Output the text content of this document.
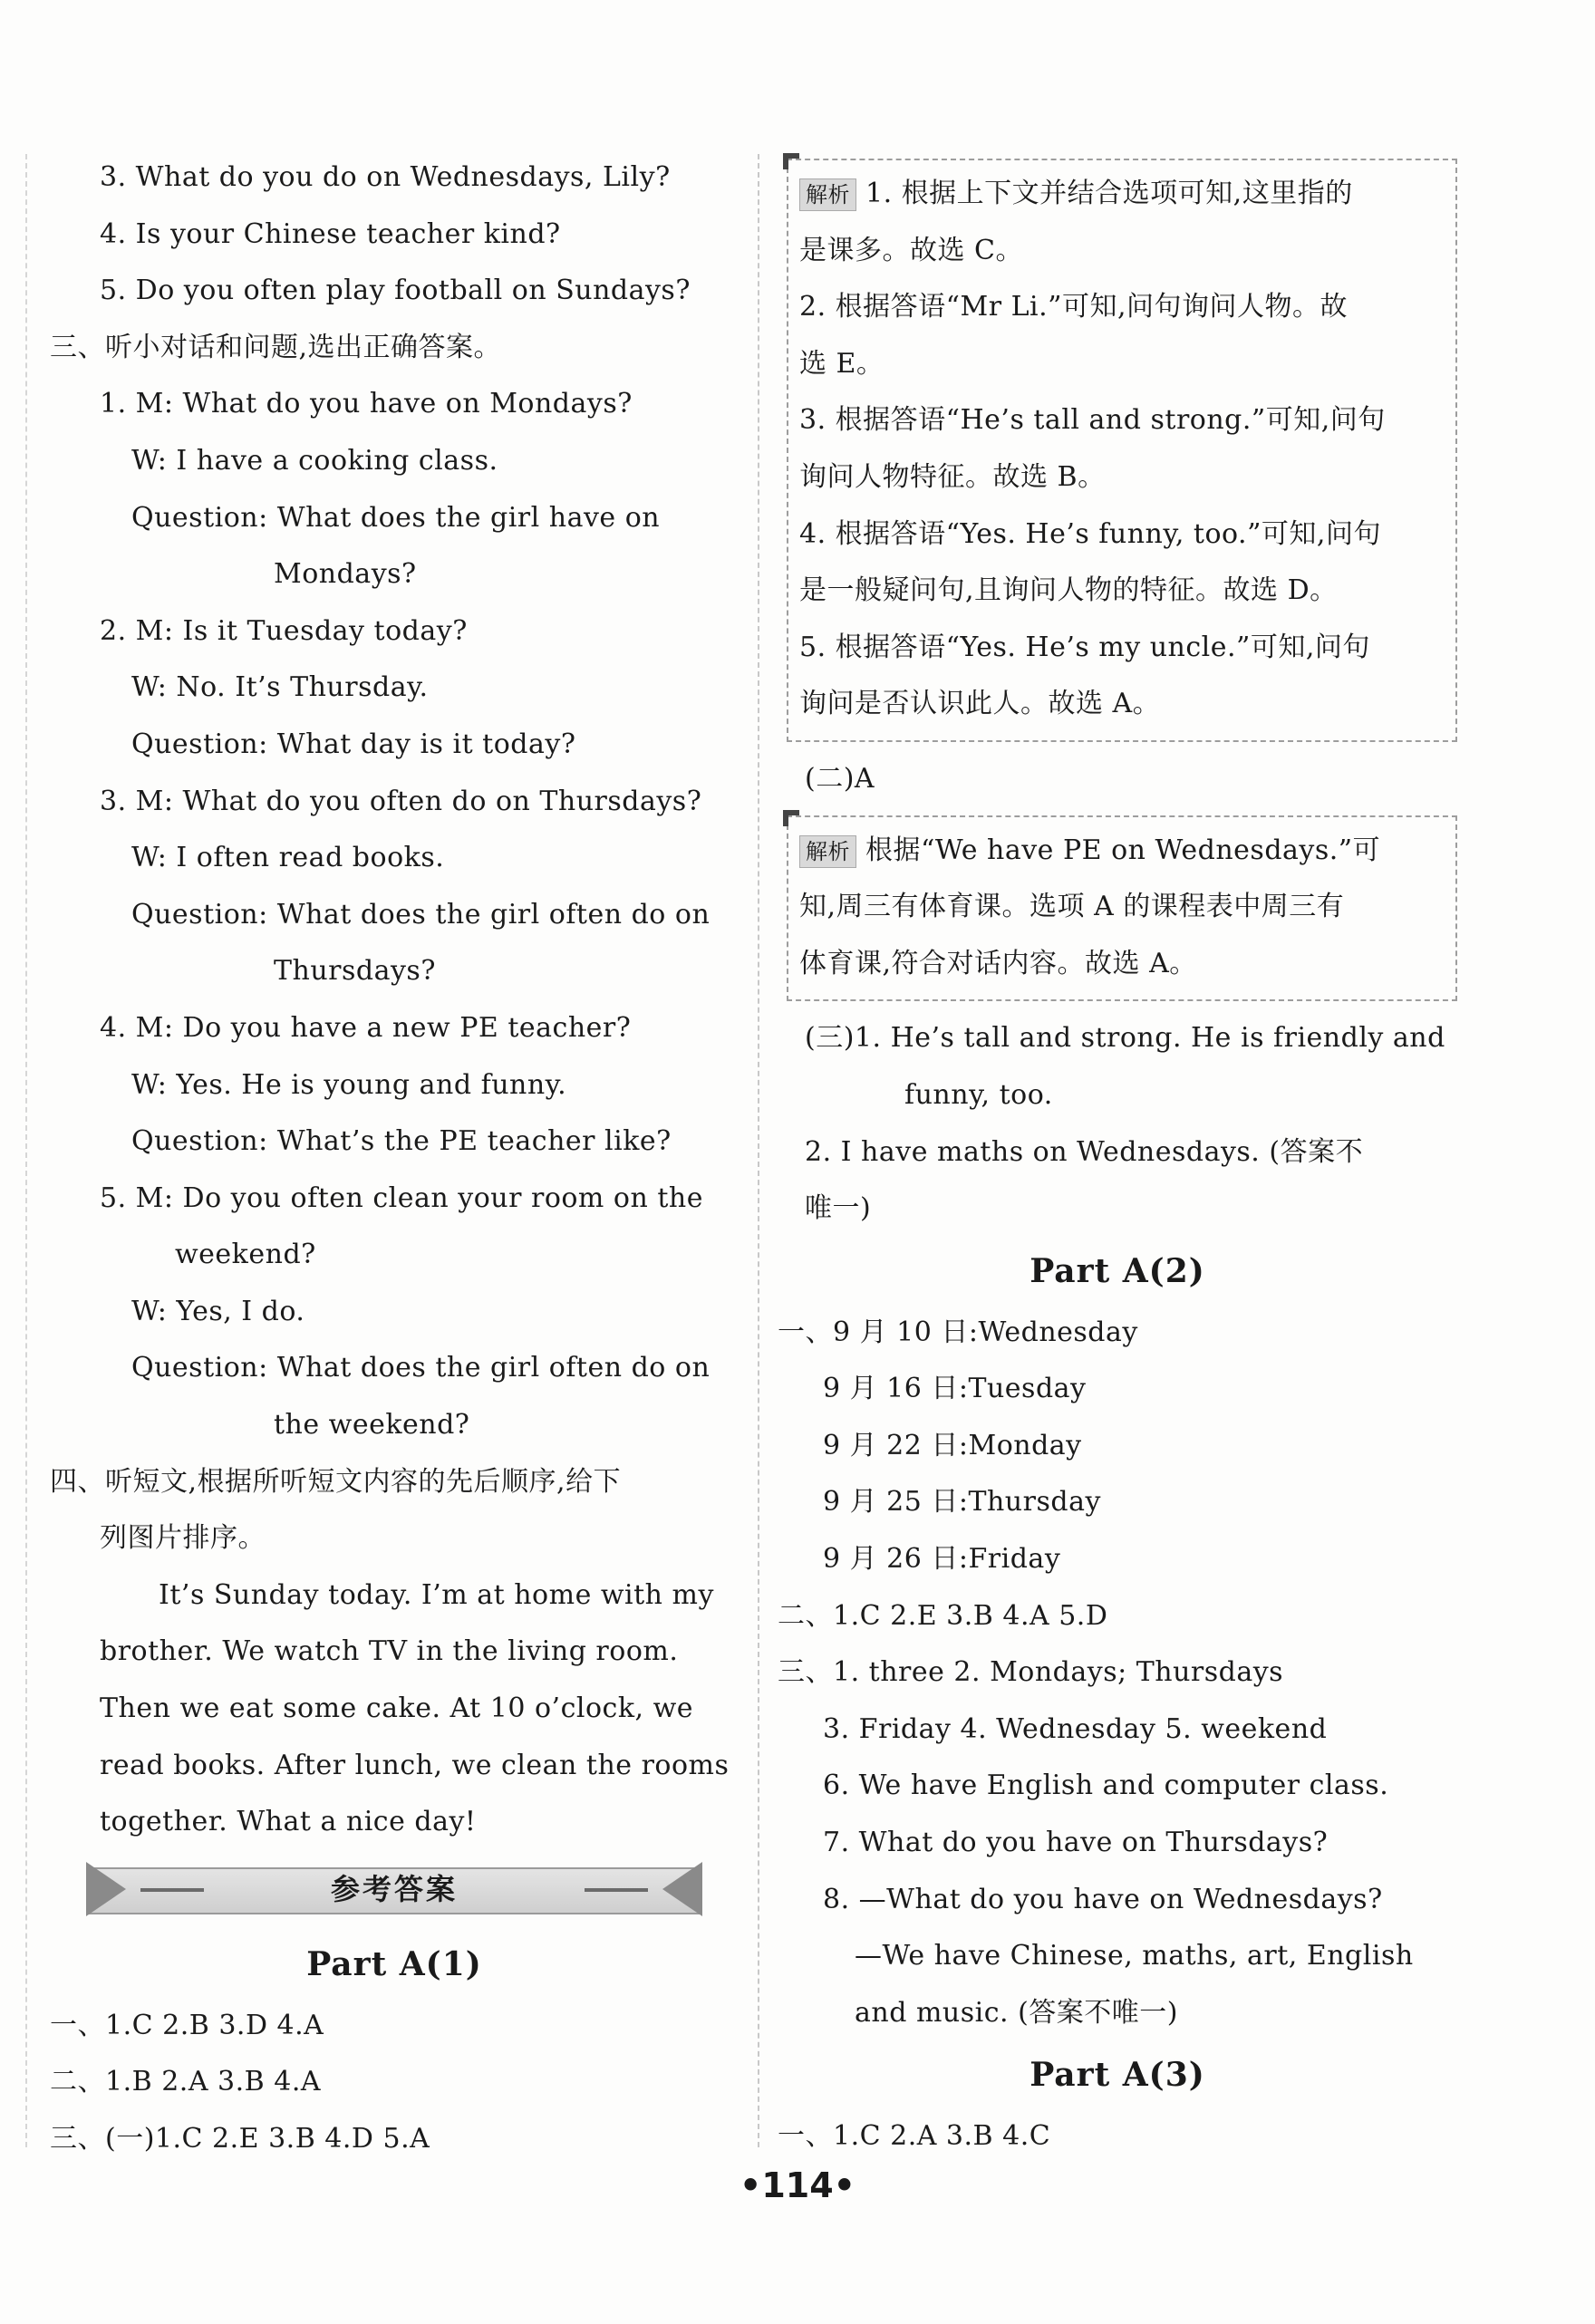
3. What do you do on Wednesdays, Lily?
4. Is your Chinese teacher kind?
5. Do you often play football on Sundays?
三、听小对话和问题,选出正确答案。
1. M: What do you have on Mondays?
W: I have a cooking class.
Question: What does the girl have on
Mondays?
2. M: Is it Tuesday today?
W: No. It’s Thursday.
Question: What day is it today?
3. M: What do you often do on Thursdays?
W: I often read books.
Question: What does the girl often do on
Thursdays?
4. M: Do you have a new PE teacher?
W: Yes. He is young and funny.
Question: What’s the PE teacher like?
5. M: Do you often clean your room on the
weekend?
W: Yes, I do.
Question: What does the girl often do on
the weekend?
四、听短文,根据所听短文内容的先后顺序,给下
列图片排序。
It’s Sunday today. I’m at home with my
brother. We watch TV in the living room.
Then we eat some cake. At 10 o’clock, we
read books. After lunch, we clean the rooms
together. What a nice day!
参考答案
Part A(1)
一、1.C 2.B 3.D 4.A
二、1.B 2.A 3.B 4.A
三、(一)1.C 2.E 3.B 4.D 5.A
解析 1. 根据上下文并结合选项可知,这里指的
是课多。故选 C。
2. 根据答语“Mr Li.”可知,问句询问人物。故
选 E。
3. 根据答语“He’s tall and strong.”可知,问句
询问人物特征。故选 B。
4. 根据答语“Yes. He’s funny, too.”可知,问句
是一般疑问句,且询问人物的特征。故选 D。
5. 根据答语“Yes. He’s my uncle.”可知,问句
询问是否认识此人。故选 A。
(二)A
解析 根据“We have PE on Wednesdays.”可
知,周三有体育课。选项 A 的课程表中周三有
体育课,符合对话内容。故选 A。
(三)1. He’s tall and strong. He is friendly and
funny, too.
2. I have maths on Wednesdays. (答案不
唯一)
Part A(2)
一、9 月 10 日:Wednesday
9 月 16 日:Tuesday
9 月 22 日:Monday
9 月 25 日:Thursday
9 月 26 日:Friday
二、1.C 2.E 3.B 4.A 5.D
三、1. three 2. Mondays; Thursdays
3. Friday 4. Wednesday 5. weekend
6. We have English and computer class.
7. What do you have on Thursdays?
8. —What do you have on Wednesdays?
—We have Chinese, maths, art, English
and music. (答案不唯一)
Part A(3)
一、1.C 2.A 3.B 4.C
•114•
